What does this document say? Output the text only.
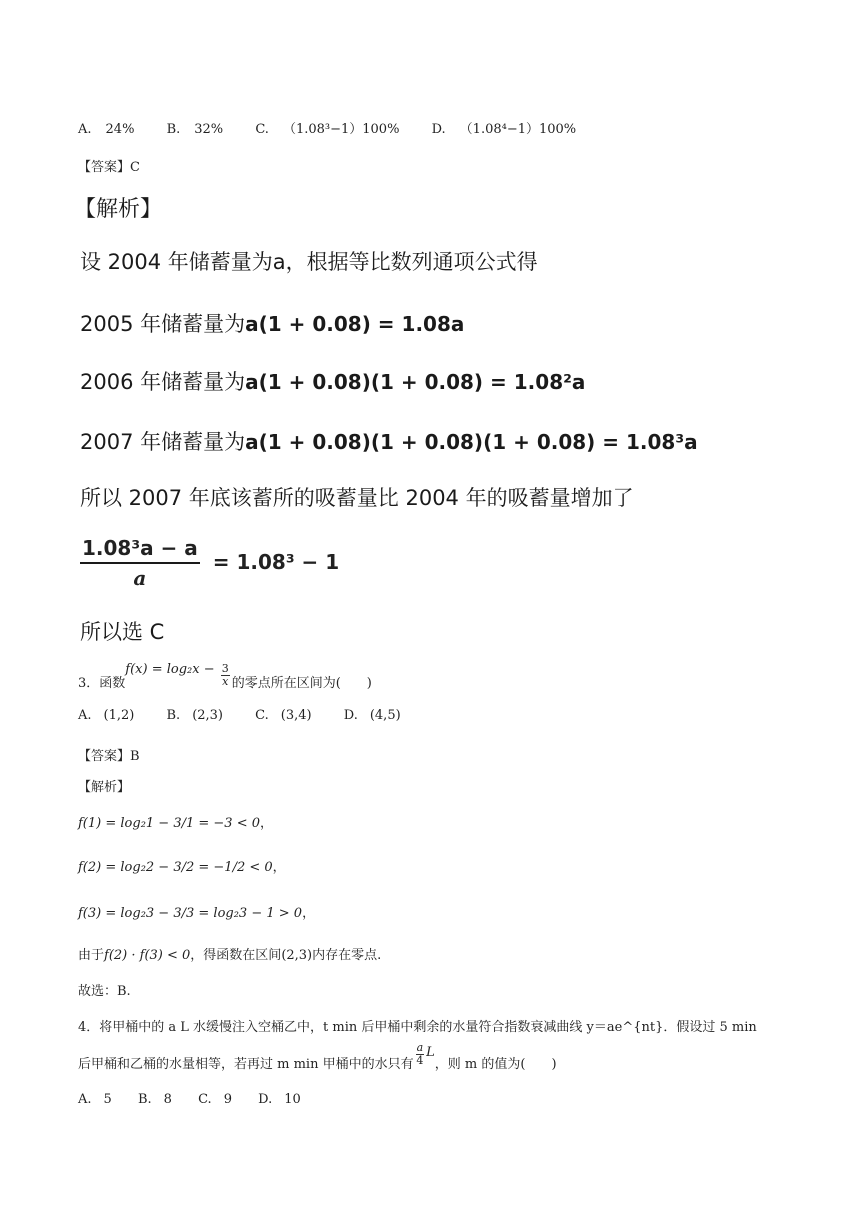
A. 24% B. 32% C. （1.08³−1）100% D. （1.08⁴−1）100%
【答案】C
【解析】
设 2004 年储蓄量为a，根据等比数列通项公式得
2005 年储蓄量为a(1 + 0.08) = 1.08a
2006 年储蓄量为a(1 + 0.08)(1 + 0.08) = 1.08²a
2007 年储蓄量为a(1 + 0.08)(1 + 0.08)(1 + 0.08) = 1.08³a
所以 2007 年底该蓄所的吸蓄量比 2004 年的吸蓄量增加了
$\frac{\text{1.08³a − a}}{a} = 1.08^3 - 1$
所以选 C
3．函数$f(x) = \log_2x - \frac{3}{x}$ 的零点所在区间为(　　)
A. (1,2) B. (2,3) C. (3,4) D. (4,5)
【答案】B
【解析】
f(1) = log₂1 − 3/1 = −3 < 0，
f(2) = log₂2 − 3/2 = −1/2 < 0，
f(3) = log₂3 − 3/3 = log₂3 − 1 > 0，
由于f(2) · f(3) < 0，得函数在区间(2,3)内存在零点.
故选：B.
4．将甲桶中的 a L 水缓慢注入空桶乙中，t min 后甲桶中剩余的水量符合指数衰减曲线 y＝ae^{nt}．假设过 5 min
后甲桶和乙桶的水量相等，若再过 m min 甲桶中的水只有 $\frac{a}{4}$ L，则 m 的值为(　　)
A. 5 B. 8 C. 9 D. 10
